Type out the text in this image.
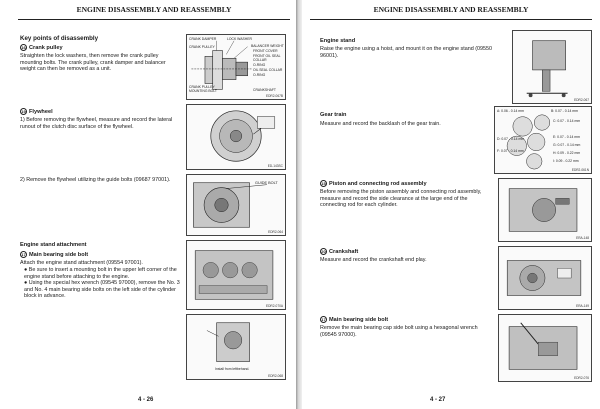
ENGINE DISASSEMBLY AND REASSEMBLY
Key points of disassembly
16 Crank pulley
Straighten the lock washers, then remove the crank pulley mounting bolts. The crank pulley, crank damper and balancer weight can then be removed as a unit.
CRANK DAMPER	LOCK WASHER
CRANK PULLEY	BALANCER WEIGHT
FRONT COVER
FRONT OIL SEAL COLLAR
O-RING
OIL SEAL COLLAR
O-RING
CRANK PULLEY MOUNTING BOLT	CRANKSHAFT
EDR2-067B
19 Flywheel
1) Before removing the flywheel, measure and record the lateral runout of the clutch disc surface of the flywheel.
ED-143SC
2) Remove the flywheel utilizing the guide bolts (09687 97001).	GUIDE BOLT
EDR2-064
Engine stand attachment
17 Main bearing side bolt
Attach the engine stand attachment (09554 97001).
● Be sure to insert a mounting bolt in the upper left corner of the engine stand before attaching to the engine.
● Using the special hex wrench (09545 97000), remove the No. 3 and No. 4 main bearing side bolts on the left side of the cylinder block in advance.
EDR2-070A
Install from leftbehand.
EDR2-068
4 - 26
ENGINE DISASSEMBLY AND REASSEMBLY
Engine stand
Raise the engine using a hoist, and mount it on the engine stand (09550 96001).
EDR2-067
Gear train
Measure and record the backlash of the gear train.
A: 0.06 - 0.14 mm	B: 0.07 - 0.14 mm
C: 0.07 - 0.14 mm
D: 0.07 - 0.14 mm	E: 0.07 - 0.14 mm
F: 0.07 - 0.14 mm
G: 0.07 - 0.14 mm
H: 0.09 - 0.22 mm
I: 0.09 - 0.22 mm
EDR2-061N
15 Piston and connecting rod assembly
Before removing the piston assembly and connecting rod assembly, measure and record the side clearance at the large end of the connecting rod for each cylinder.
ERA-148
20 Crankshaft
Measure and record the crankshaft end play.
ERA-149
17 Main bearing side bolt
Remove the main bearing cap side bolt using a hexagonal wrench (09545 97000).
EDR2-076
4 - 27
